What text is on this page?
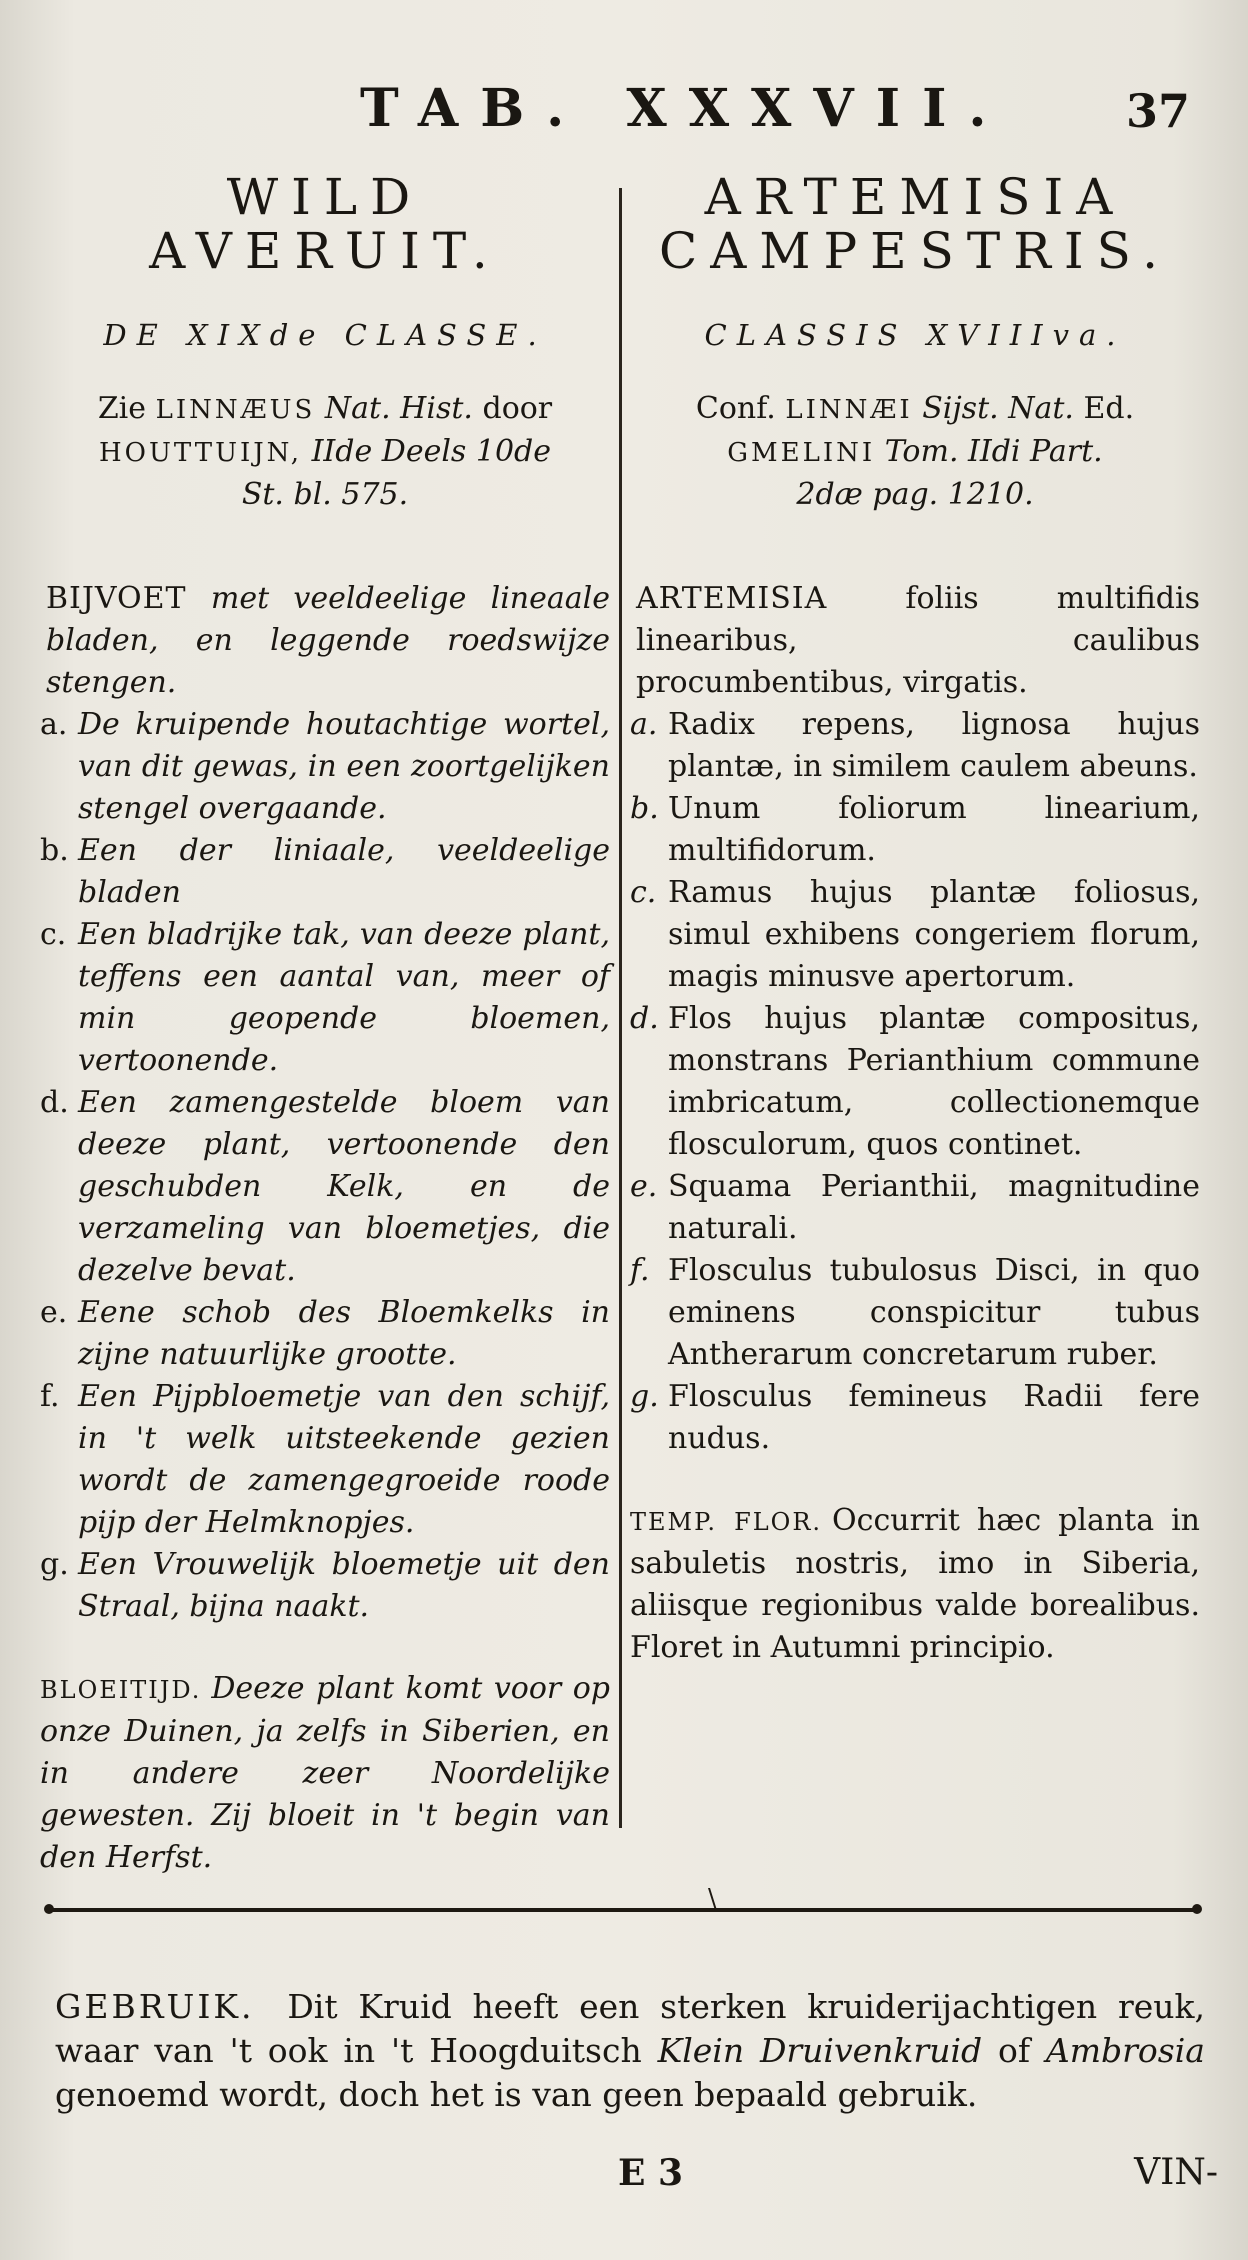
TAB. XXXVII.	37
WILD
AVERUIT.
DE XIXde CLASSE.
Zie LINNÆUS Nat. Hist. door
HOUTTUIJN, IIde Deels 10de
St. bl. 575.
BIJVOET met veeldeelige lineaale bladen, en leggende roedswijze stengen.
a. De kruipende houtachtige wortel, van dit gewas, in een zoortgelijken stengel overgaande.
b. Een der liniaale, veeldeelige bladen
c. Een bladrijke tak, van deeze plant, teffens een aantal van, meer of min geopende bloemen, vertoonende.
d. Een zamengestelde bloem van deeze plant, vertoonende den geschubden Kelk, en de verzameling van bloemetjes, die dezelve bevat.
e. Eene schob des Bloemkelks in zijne natuurlijke grootte.
f. Een Pijpbloemetje van den schijf, in 't welk uitsteekende gezien wordt de zamengegroeide roode pijp der Helmknopjes.
g. Een Vrouwelijk bloemetje uit den Straal, bijna naakt.
BLOEITIJD. Deeze plant komt voor op onze Duinen, ja zelfs in Siberien, en in andere zeer Noordelijke gewesten. Zij bloeit in 't begin van den Herfst.
ARTEMISIA
CAMPESTRIS.
CLASSIS XVIIIva.
Conf. LINNÆI Sijst. Nat. Ed.
GMELINI Tom. IIdi Part.
2dæ pag. 1210.
ARTEMISIA	foliis multifidis linearibus, caulibus procumbentibus, virgatis.
a. Radix repens, lignosa hujus plantæ, in similem caulem abeuns.
b. Unum foliorum linearium, multifidorum.
c. Ramus hujus plantæ foliosus, simul exhibens congeriem florum, magis minusve apertorum.
d. Flos hujus plantæ compositus, monstrans Perianthium commune imbricatum, collectionemque flosculorum, quos continet.
e. Squama Perianthii, magnitudine naturali.
f. Flosculus tubulosus Disci, in quo eminens conspicitur tubus Antherarum concretarum ruber.
g. Flosculus femineus Radii fere nudus.
TEMP. FLOR. Occurrit hæc planta in sabuletis nostris, imo in Siberia, aliisque regionibus valde borealibus. Floret in Autumni principio.
\
GEBRUIK. Dit Kruid heeft een sterken kruiderijachtigen reuk, waar van 't ook in 't Hoogduitsch Klein Druivenkruid of Ambrosia genoemd wordt, doch het is van geen bepaald gebruik.
E 3	VIN-
